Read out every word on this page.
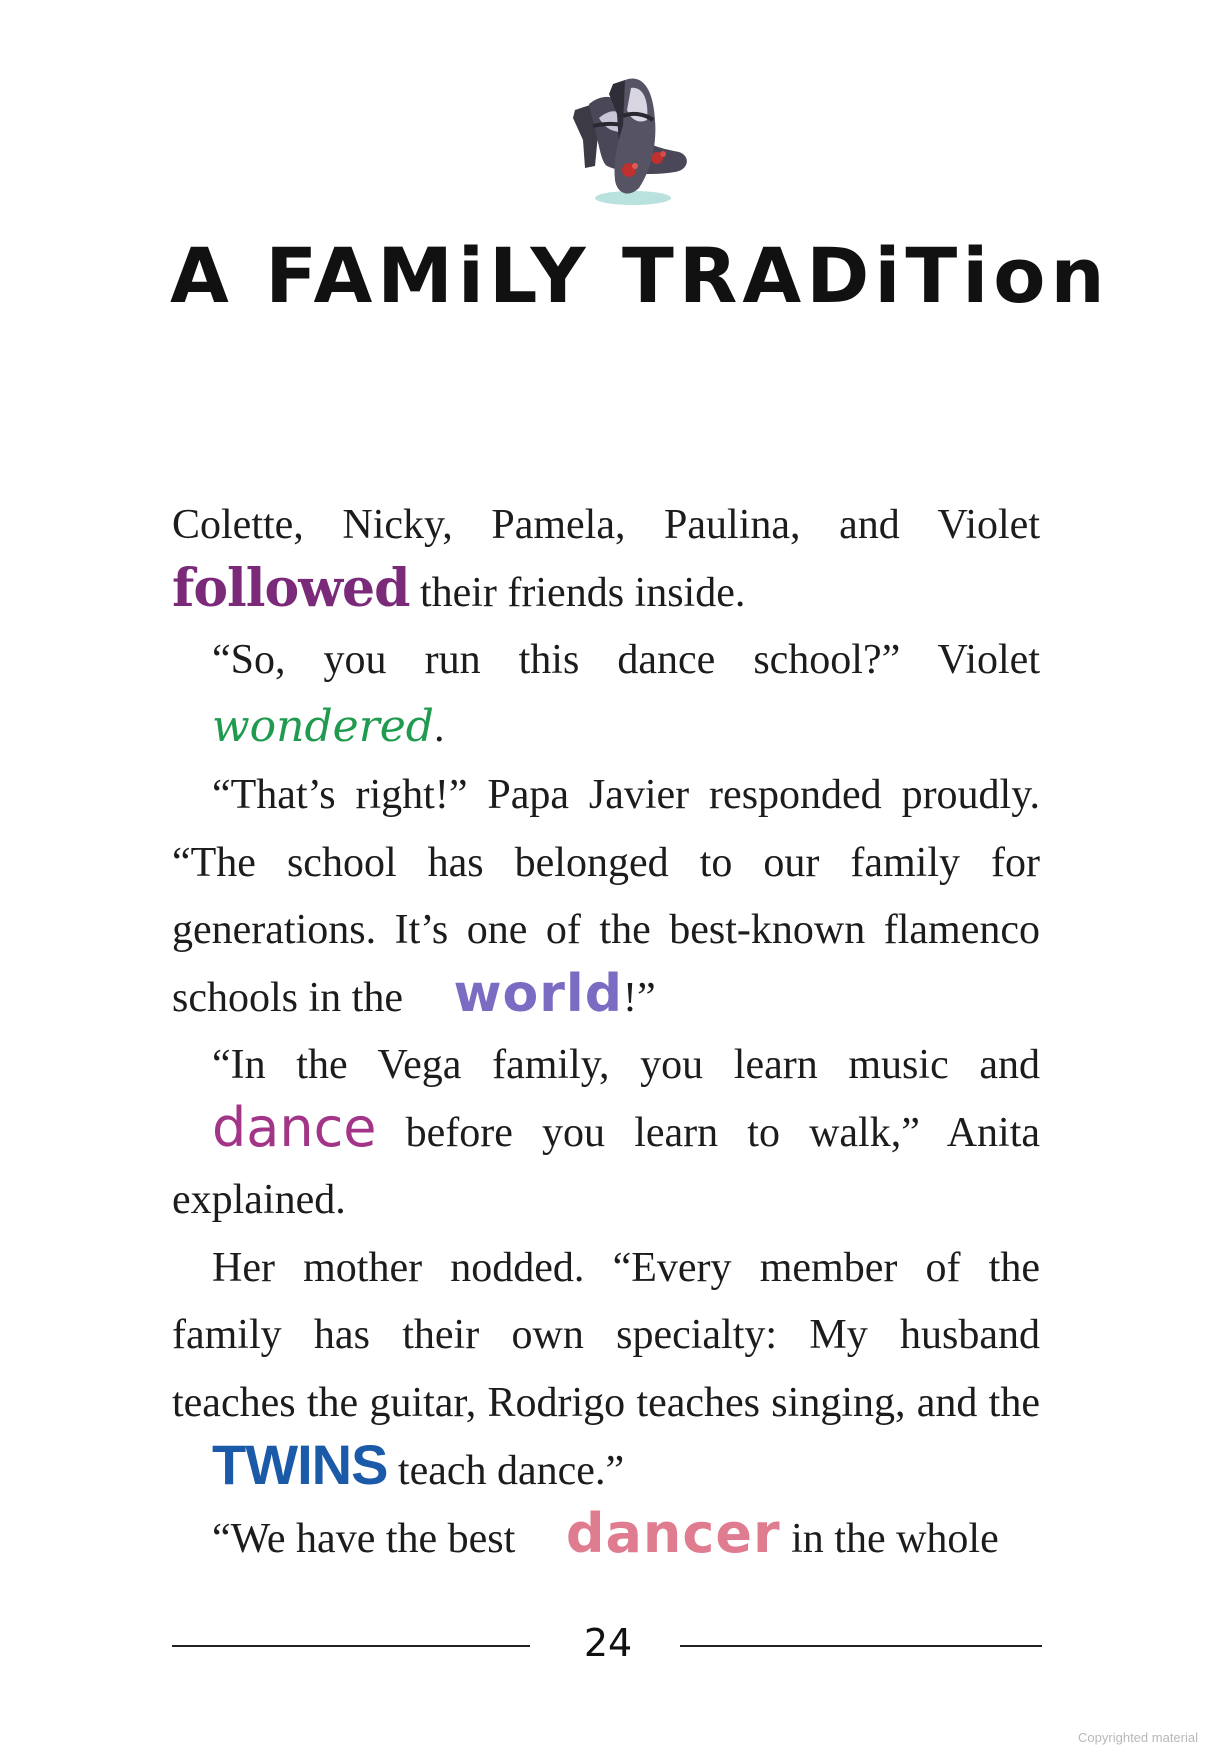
A FAMiLY TRADiTion

Colette, Nicky, Pamela, Paulina, and Violet followed their friends inside.

“So, you run this dance school?” Violet wondered.

“That’s right!” Papa Javier responded proudly. “The school has belonged to our family for generations. It’s one of the best-known flamenco schools in the world!”

“In the Vega family, you learn music and dance before you learn to walk,” Anita explained.

Her mother nodded. “Every member of the family has their own specialty: My husband teaches the guitar, Rodrigo teaches singing, and the TWINS teach dance.”

“We have the best dancer in the whole

24
Copyrighted material
